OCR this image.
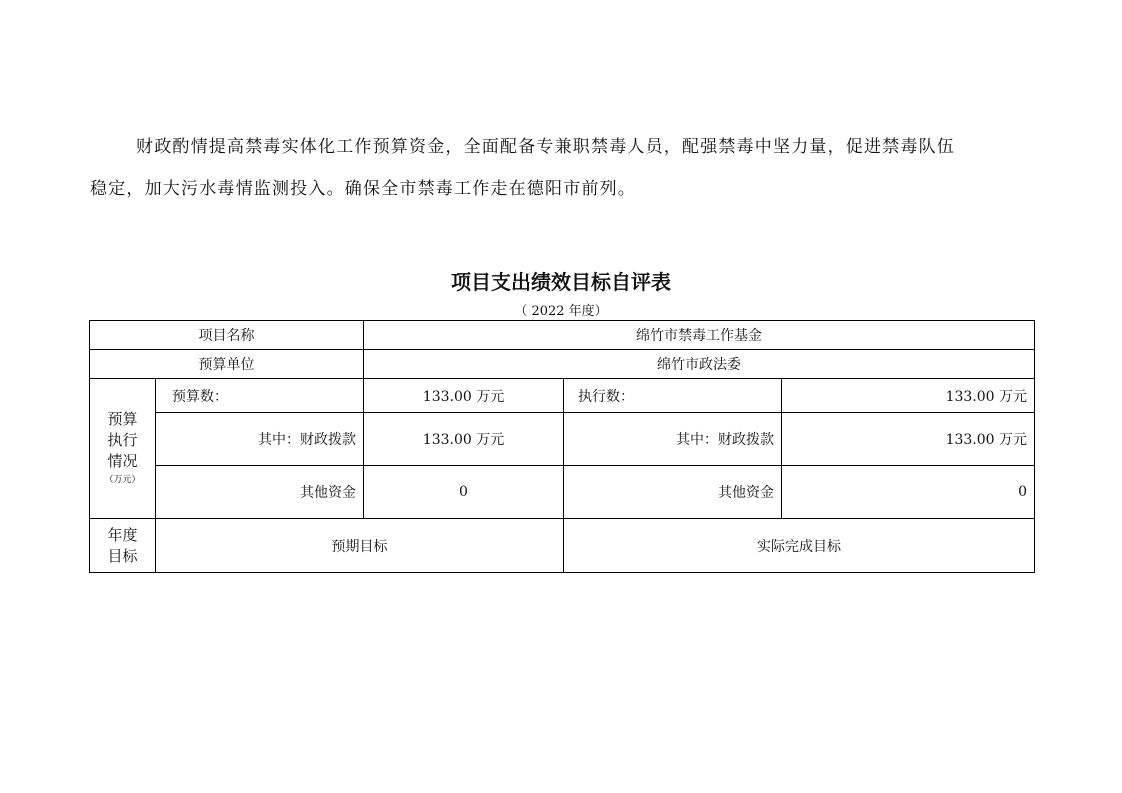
财政酌情提高禁毒实体化工作预算资金，全面配备专兼职禁毒人员，配强禁毒中坚力量，促进禁毒队伍

稳定，加大污水毒情监测投入。确保全市禁毒工作走在德阳市前列。

项目支出绩效目标自评表

（ 2022 年度）

项目名称		绵竹市禁毒工作基金		
预算单位		绵竹市政法委		

预算
执行
情况
（万元）	预算数：	133.00 万元	执行数：	133.00 万元
	其中：财政拨款	133.00 万元	其中：财政拨款	133.00 万元
	其他资金	0	其他资金	0

年度
目标	预期目标		实际完成目标	
